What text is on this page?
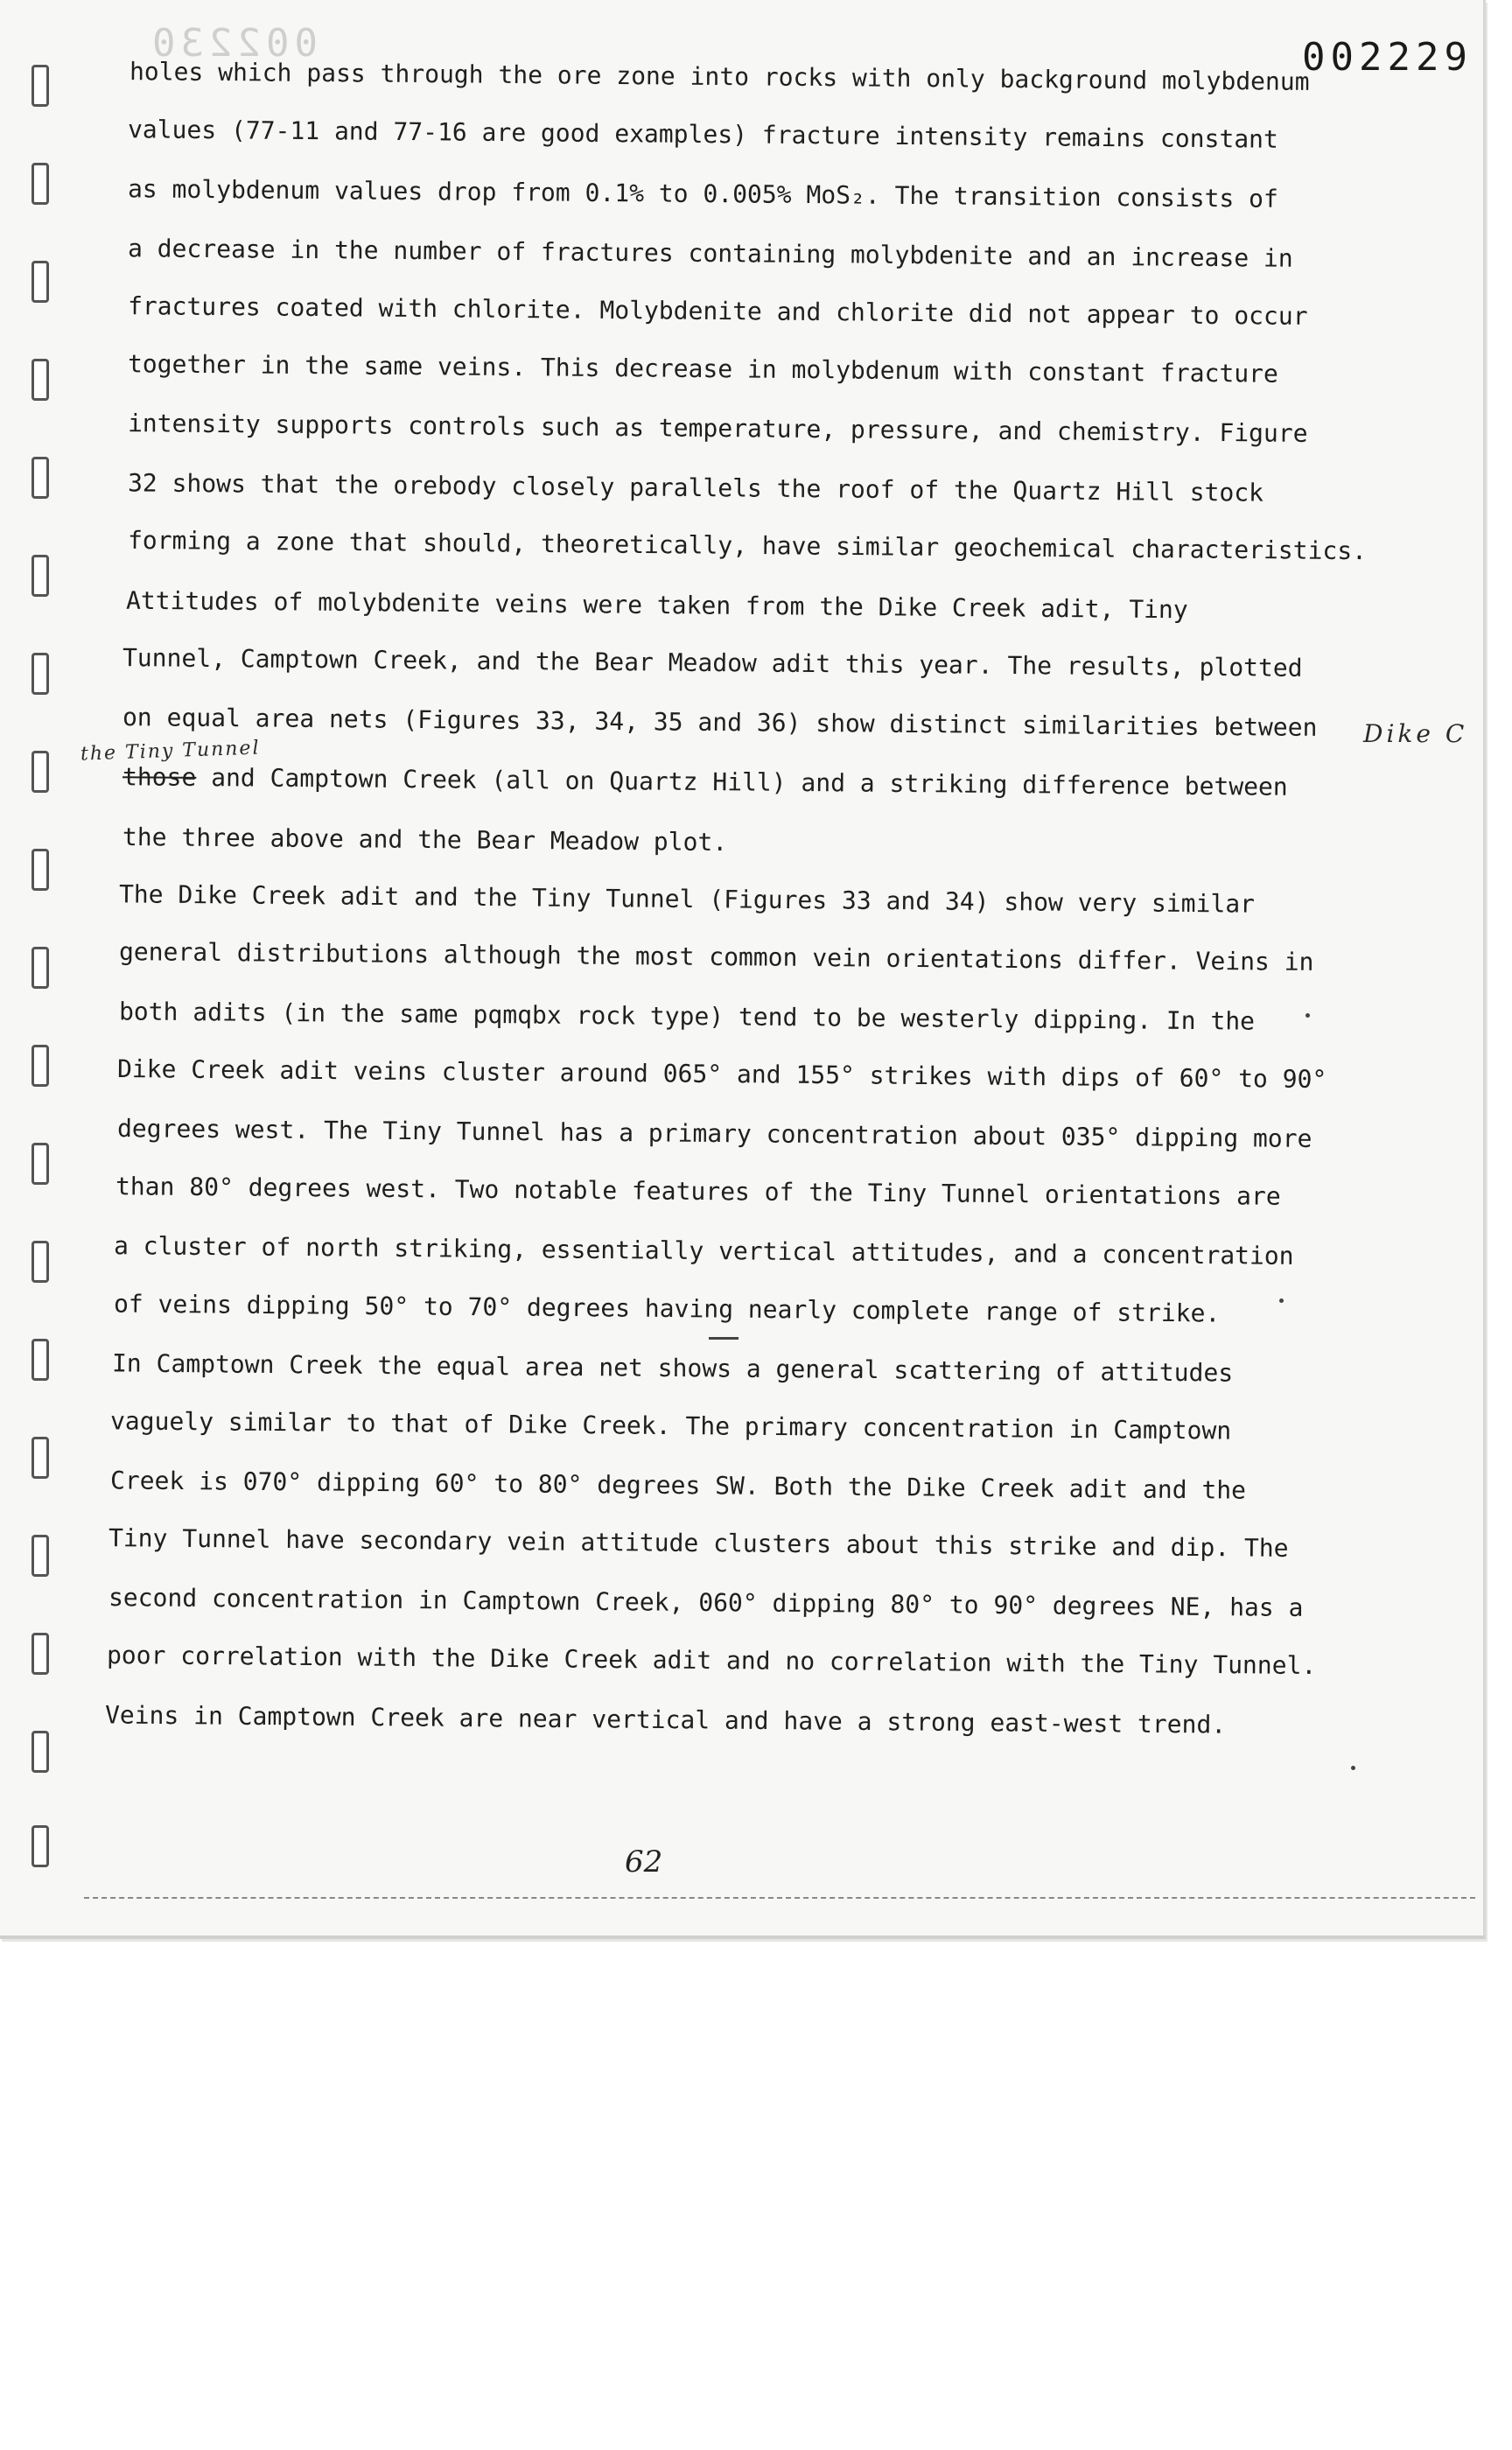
002230	002229
holes which pass through the ore zone into rocks with only background molybdenum
values (77-11 and 77-16 are good examples) fracture intensity remains constant
as molybdenum values drop from 0.1% to 0.005% MoS₂. The transition consists of
a decrease in the number of fractures containing molybdenite and an increase in
fractures coated with chlorite. Molybdenite and chlorite did not appear to occur
together in the same veins. This decrease in molybdenum with constant fracture
intensity supports controls such as temperature, pressure, and chemistry. Figure
32 shows that the orebody closely parallels the roof of the Quartz Hill stock
forming a zone that should, theoretically, have similar geochemical characteristics.
Attitudes of molybdenite veins were taken from the Dike Creek adit, Tiny
Tunnel, Camptown Creek, and the Bear Meadow adit this year. The results, plotted
on equal area nets (Figures 33, 34, 35 and 36) show distinct similarities between Dike C
the Tiny Tunnel
those and Camptown Creek (all on Quartz Hill) and a striking difference between
the three above and the Bear Meadow plot.
The Dike Creek adit and the Tiny Tunnel (Figures 33 and 34) show very similar
general distributions although the most common vein orientations differ. Veins in
both adits (in the same pqmqbx rock type) tend to be westerly dipping. In the
Dike Creek adit veins cluster around 065° and 155° strikes with dips of 60° to 90°
degrees west. The Tiny Tunnel has a primary concentration about 035° dipping more
than 80° degrees west. Two notable features of the Tiny Tunnel orientations are
a cluster of north striking, essentially vertical attitudes, and a concentration
of veins dipping 50° to 70° degrees having nearly complete range of strike.
In Camptown Creek the equal area net shows a general scattering of attitudes
vaguely similar to that of Dike Creek. The primary concentration in Camptown
Creek is 070° dipping 60° to 80° degrees SW. Both the Dike Creek adit and the
Tiny Tunnel have secondary vein attitude clusters about this strike and dip. The
second concentration in Camptown Creek, 060° dipping 80° to 90° degrees NE, has a
poor correlation with the Dike Creek adit and no correlation with the Tiny Tunnel.
Veins in Camptown Creek are near vertical and have a strong east-west trend.
62
